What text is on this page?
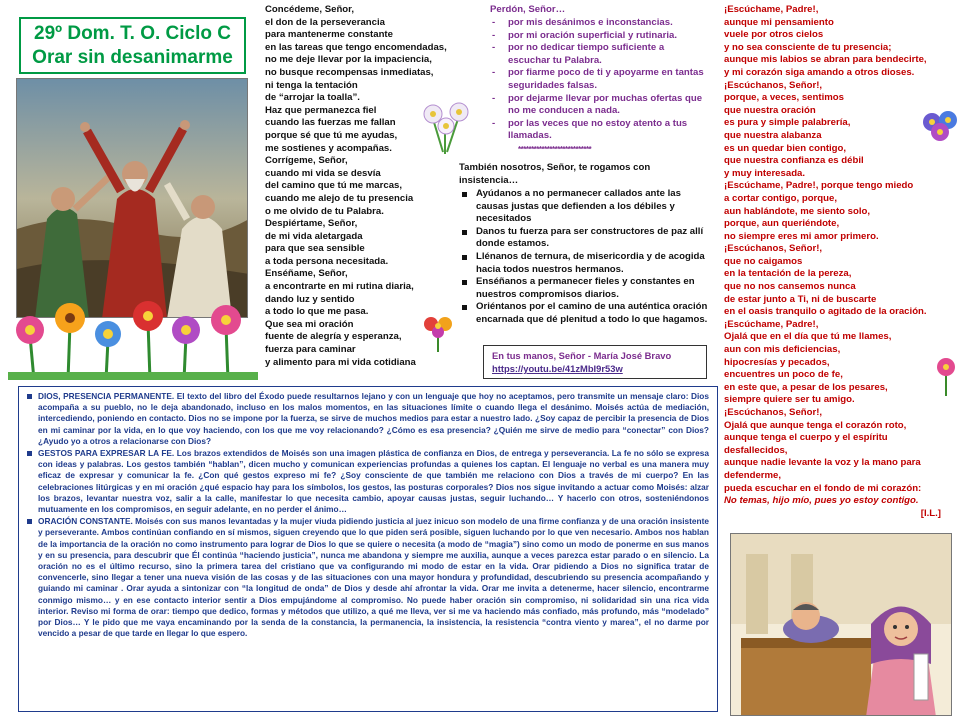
29º Dom. T. O. Ciclo C
Orar sin desanimarme
Concédeme, Señor,
el don de la perseverancia
para mantenerme constante
en las tareas que tengo encomendadas,
no me deje llevar por la impaciencia,
no busque recompensas inmediatas,
ni tenga la tentación
de “arrojar la toalla”.
Haz que permanezca fiel
cuando las fuerzas me fallan
porque sé que tú me ayudas,
me sostienes y acompañas.
Corrígeme, Señor,
cuando mi vida se desvía
del camino que tú me marcas,
cuando me alejo de tu presencia
o me olvido de tu Palabra.
Despiértame, Señor,
de mi vida aletargada
para que sea sensible
a toda persona necesitada.
Enséñame, Señor,
a encontrarte en mi rutina diaria,
dando luz y sentido
a todo lo que me pasa.
Que sea mi oración
fuente de alegría y esperanza,
fuerza para caminar
y alimento para mi vida cotidiana
Perdón, Señor…
- por mis desánimos e inconstancias.
- por mi oración superficial y rutinaria.
- por no dedicar tiempo suficiente a escuchar tu Palabra.
- por fiarme poco de ti y apoyarme en tantas seguridades falsas.
- por dejarme llevar por muchas ofertas que no me conducen a nada.
- por las veces que no estoy atento a tus llamadas.
****************************
También nosotros, Señor, te rogamos con insistencia…
Ayúdanos a no permanecer callados ante las causas justas que defienden a los débiles y necesitados
Danos tu fuerza para ser constructores de paz allí donde estamos.
Llénanos de ternura, de misericordia y de acogida hacia todos nuestros hermanos.
Enséñanos a permanecer fieles y constantes en nuestros compromisos diarios.
Oriéntanos por el camino de una auténtica oración encarnada que dé plenitud a todo lo que hagamos.
En tus manos, Señor - María José Bravo
https://youtu.be/41zMbI9r53w
¡Escúchame, Padre!,
aunque mi pensamiento
vuele por otros cielos
y no sea consciente de tu presencia;
aunque mis labios se abran para bendecirte,
y mi corazón siga amando a otros dioses.
¡Escúchanos, Señor!,
porque, a veces, sentimos
que nuestra oración
es pura y simple palabrería,
que nuestra alabanza
es un quedar bien contigo,
que nuestra confianza es débil
y muy interesada.
¡Escúchame, Padre!, porque tengo miedo
a cortar contigo, porque,
aun hablándote, me siento solo,
porque, aun queriéndote,
no siempre eres mi amor primero.
¡Escúchanos, Señor!,
que no caigamos
en la tentación de la pereza,
que no nos cansemos nunca
de estar junto a Ti, ni de buscarte
en el oasis tranquilo o agitado de la oración.
¡Escúchame, Padre!,
Ojalá que en el día que tú me llames,
aun con mis deficiencias,
hipocresías y pecados,
encuentres un poco de fe,
en este que, a pesar de los pesares,
siempre quiere ser tu amigo.
¡Escúchanos, Señor!,
Ojalá que aunque tenga el corazón roto,
aunque tenga el cuerpo y el espíritu
desfallecidos,
aunque nadie levante la voz y la mano para
defenderme,
pueda escuchar en el fondo de mi corazón:
No temas, hijo mío, pues yo estoy contigo.
[I.L.]
DIOS, PRESENCIA PERMANENTE. El texto del libro del Éxodo puede resultarnos lejano y con un lenguaje que hoy no aceptamos, pero transmite un mensaje claro: Dios acompaña a su pueblo, no le deja abandonado, incluso en los malos momentos, en las situaciones límite o cuando llega el desánimo. Moisés actúa de mediación, intercediendo, poniendo en contacto. Dios no se impone por la fuerza, se sirve de muchos medios para estar a nuestro lado. ¿Soy capaz de percibir la presencia de Dios en mi caminar por la vida, en lo que voy haciendo, con los que me voy relacionando? ¿Cómo es esa presencia? ¿Quién me sirve de medio para “conectar” con Dios? ¿Ayudo yo a otros a relacionarse con Dios?
GESTOS PARA EXPRESAR LA FE. Los brazos extendidos de Moisés son una imagen plástica de confianza en Dios, de entrega y perseverancia. La fe no sólo se expresa con ideas y palabras. Los gestos también “hablan”, dicen mucho y comunican experiencias profundas a quienes los captan. El lenguaje no verbal es una manera muy eficaz de expresar y comunicar la fe. ¿Con qué gestos expreso mi fe? ¿Soy consciente de que también me relaciono con Dios a través de mi cuerpo? En las celebraciones litúrgicas y en mi oración ¿qué espacio hay para los símbolos, los gestos, las posturas corporales? Dios nos sigue invitando a actuar como Moisés: alzar los brazos, levantar nuestra voz, salir a la calle, manifestar lo que necesita cambio, apoyar causas justas, seguir luchando… Y hacerlo con otros, sosteniéndonos mutuamente en los compromisos, en seguir adelante, en no perder el ánimo…
ORACIÓN CONSTANTE. Moisés con sus manos levantadas y la mujer viuda pidiendo justicia al juez inicuo son modelo de una firme confianza y de una oración insistente y perseverante. Ambos continúan confiando en sí mismos, siguen creyendo que lo que piden será posible, siguen luchando por lo que ven necesario. Ambos nos hablan de la importancia de la oración no como instrumento para lograr de Dios lo que se quiere o necesita (a modo de “magia”) sino como un modo de ponerme en sus manos y en su presencia, para descubrir que Él continúa “haciendo justicia”, nunca me abandona y siempre me auxilia, aunque a veces parezca estar parado o en silencio. La oración no es el último recurso, sino la primera tarea del cristiano que va configurando mi modo de estar en la vida. Orar pidiendo a Dios no significa tratar de convencerle, sino llegar a tener una nueva visión de las cosas y de las situaciones con una mayor hondura y profundidad, descubriendo su presencia acompañando y guiando mi caminar . Orar ayuda a sintonizar con “la longitud de onda” de Dios y desde ahí afrontar la vida. Orar me invita a detenerme, hacer silencio, encontrarme conmigo mismo… y en ese contacto interior sentir a Dios empujándome al compromiso. No puede haber oración sin compromiso, ni solidaridad sin una rica vida interior. Reviso mi forma de orar: tiempo que dedico, formas y métodos que utilizo, a qué me lleva, ver si me va haciendo más confiado, más profundo, más “modelado” por Dios… Y le pido que me vaya encaminando por la senda de la constancia, la permanencia, la insistencia, la resistencia “contra viento y marea”, el no darme por vencido a pesar de que tarde en llegar lo que espero.
